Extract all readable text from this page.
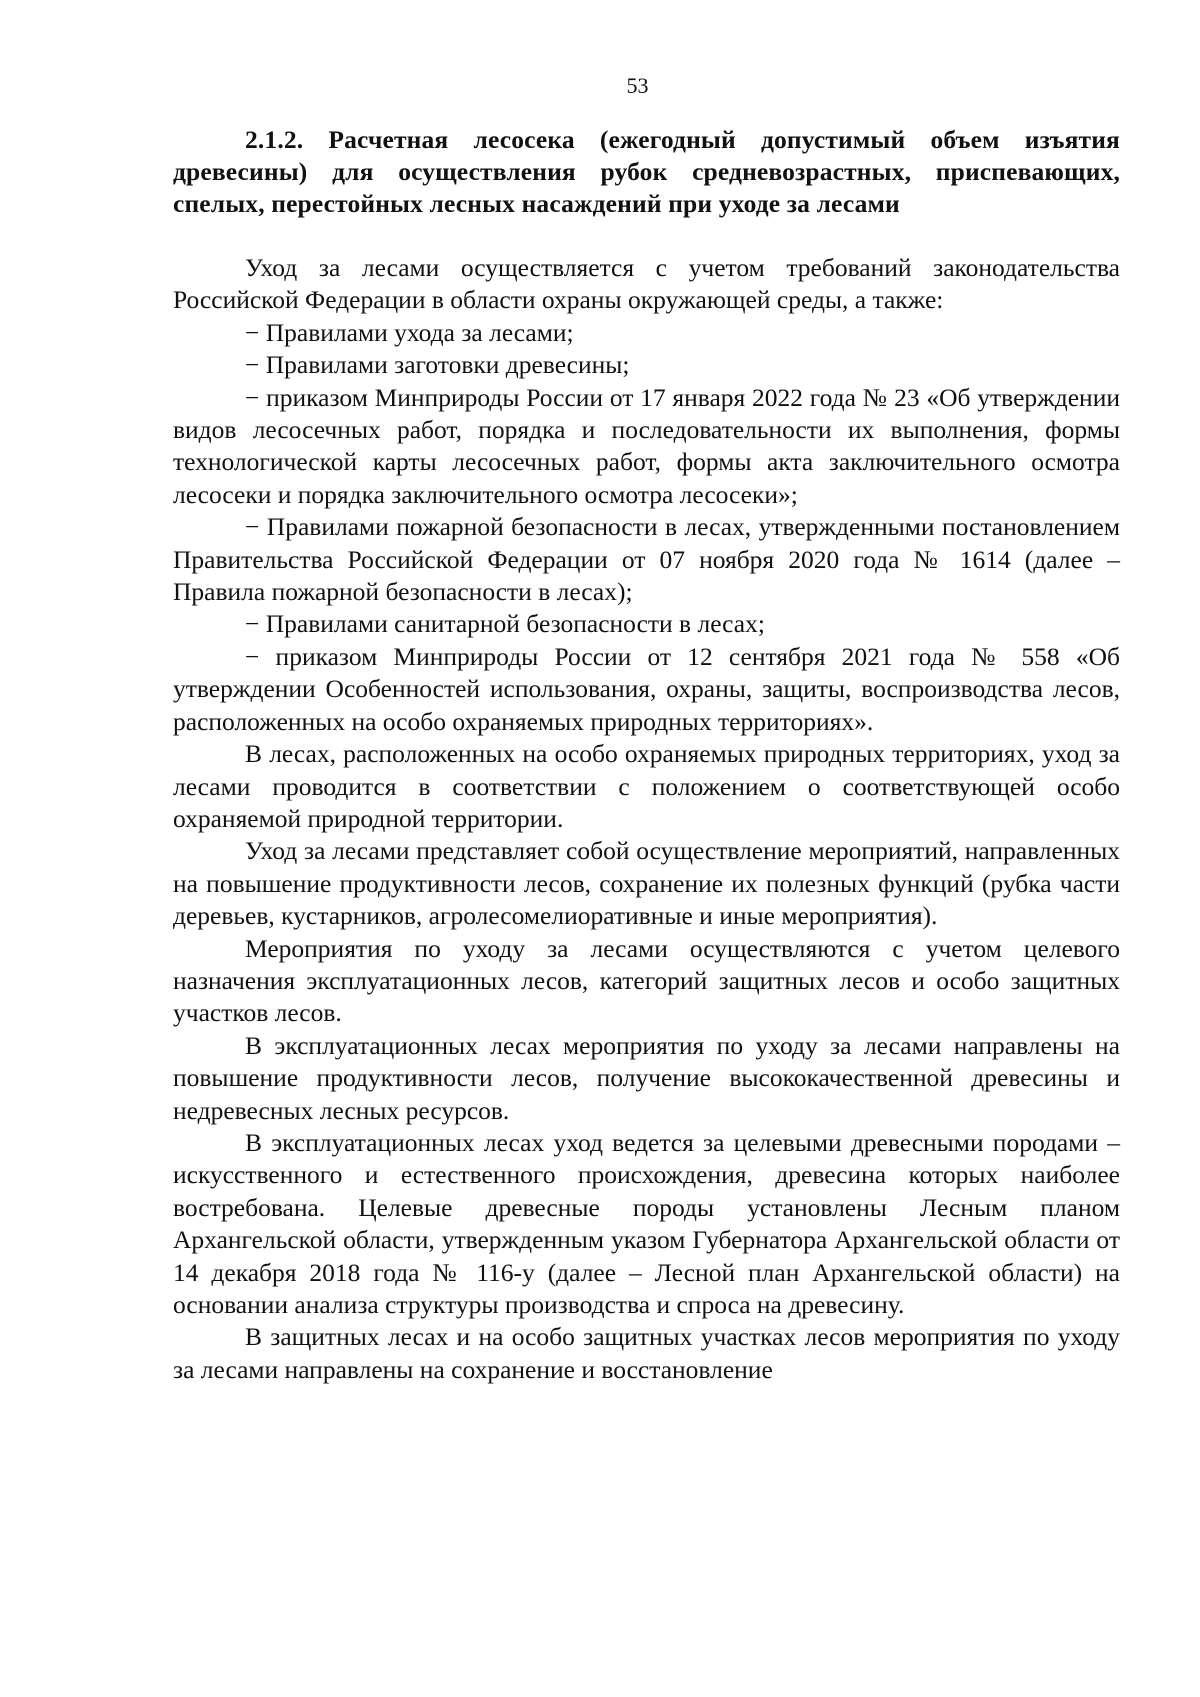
53

2.1.2. Расчетная лесосека (ежегодный допустимый объем изъятия древесины) для осуществления рубок средневозрастных, приспевающих, спелых, перестойных лесных насаждений при уходе за лесами

Уход за лесами осуществляется с учетом требований законодательства Российской Федерации в области охраны окружающей среды, а также:

− Правилами ухода за лесами;

− Правилами заготовки древесины;

− приказом Минприроды России от 17 января 2022 года № 23 «Об утверждении видов лесосечных работ, порядка и последовательности их выполнения, формы технологической карты лесосечных работ, формы акта заключительного осмотра лесосеки и порядка заключительного осмотра лесосеки»;

− Правилами пожарной безопасности в лесах, утвержденными постановлением Правительства Российской Федерации от 07 ноября 2020 года № 1614 (далее – Правила пожарной безопасности в лесах);

− Правилами санитарной безопасности в лесах;

− приказом Минприроды России от 12 сентября 2021 года № 558 «Об утверждении Особенностей использования, охраны, защиты, воспроизводства лесов, расположенных на особо охраняемых природных территориях».

В лесах, расположенных на особо охраняемых природных территориях, уход за лесами проводится в соответствии с положением о соответствующей особо охраняемой природной территории.

Уход за лесами представляет собой осуществление мероприятий, направленных на повышение продуктивности лесов, сохранение их полезных функций (рубка части деревьев, кустарников, агролесомелиоративные и иные мероприятия).

Мероприятия по уходу за лесами осуществляются с учетом целевого назначения эксплуатационных лесов, категорий защитных лесов и особо защитных участков лесов.

В эксплуатационных лесах мероприятия по уходу за лесами направлены на повышение продуктивности лесов, получение высококачественной древесины и недревесных лесных ресурсов.

В эксплуатационных лесах уход ведется за целевыми древесными породами – искусственного и естественного происхождения, древесина которых наиболее востребована. Целевые древесные породы установлены Лесным планом Архангельской области, утвержденным указом Губернатора Архангельской области от 14 декабря 2018 года № 116-у (далее – Лесной план Архангельской области) на основании анализа структуры производства и спроса на древесину.

В защитных лесах и на особо защитных участках лесов мероприятия по уходу за лесами направлены на сохранение и восстановление
